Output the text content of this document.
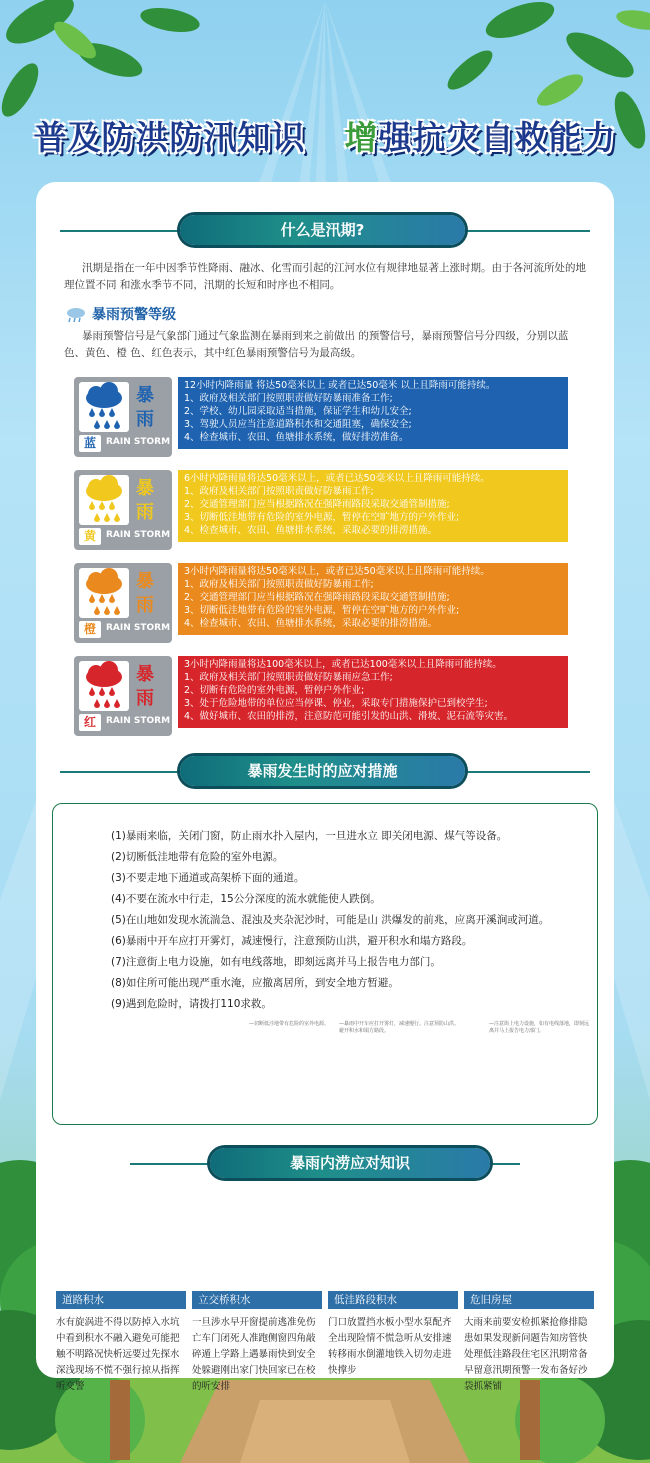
普及防洪防汛知识 增强抗灾自救能力
什么是汛期?
汛期是指在一年中因季节性降雨、融冰、化雪而引起的江河水位有规律地显著上涨时期。由于各河流所处的地理位置不同 和涨水季节不同，汛期的长短和时序也不相同。
暴雨预警等级
暴雨预警信号是气象部门通过气象监测在暴雨到来之前做出 的预警信号，暴雨预警信号分四级，分别以蓝色、黄色、橙 色、红色表示，其中红色暴雨预警信号为最高级。
暴
雨
蓝	RAIN STORM
12小时内降雨量 将达50毫米以上 或者已达50毫米 以上且降雨可能持续。
1、政府及相关部门按照职责做好防暴雨准备工作;
2、学校、幼儿园采取适当措施，保证学生和幼儿安全;
3、驾驶人员应当注意道路积水和交通阻塞，确保安全;
4、检查城市、农田、鱼塘排水系统，做好排涝准备。
暴
雨
黄	RAIN STORM
6小时内降雨量将达50毫米以上，或者已达50毫米以上且降雨可能持续。
1、政府及相关部门按照职责做好防暴雨工作;
2、交通管理部门应当根据路况在强降雨路段采取交通管制措施;
3、切断低洼地带有危险的室外电源，暂停在空旷地方的户外作业;
4、检查城市、农田、鱼塘排水系统，采取必要的排涝措施。
暴
雨
橙	RAIN STORM
3小时内降雨量将达50毫米以上，或者已达50毫米以上且降雨可能持续。
1、政府及相关部门按照职责做好防暴雨工作;
2、交通管理部门应当根据路况在强降雨路段采取交通管制措施;
3、切断低洼地带有危险的室外电源，暂停在空旷地方的户外作业;
4、检查城市、农田、鱼塘排水系统，采取必要的排涝措施。
暴
雨
红	RAIN STORM
3小时内降雨量将达100毫米以上，或者已达100毫米以上且降雨可能持续。
1、政府及相关部门按照职责做好防暴雨应急工作;
2、切断有危险的室外电源，暂停户外作业;
3、处于危险地带的单位应当停课、停业，采取专门措施保护已到校学生;
4、做好城市、农田的排涝，注意防范可能引发的山洪、滑坡、泥石流等灾害。
暴雨发生时的应对措施
(1)暴雨来临，关闭门窗，防止雨水扑入屋内，一旦进水立 即关闭电源、煤气等设备。
(2)切断低洼地带有危险的室外电源。
(3)不要走地下通道或高架桥下面的通道。
(4)不要在流水中行走，15公分深度的流水就能使人跌倒。
(5)在山地如发现水流湍急、混浊及夹杂泥沙时，可能是山 洪爆发的前兆，应离开溪涧或河道。
(6)暴雨中开车应打开雾灯，减速慢行，注意预防山洪，避开积水和塌方路段。
(7)注意街上电力设施，如有电线落地，即刻远离并马上报告电力部门。
(8)如住所可能出现严重水淹，应撤离居所，到安全地方暂避。
(9)遇到危险时，请拨打110求救。
—切断低洼地带有危险的室外电源。	—暴雨中开车应打开雾灯，减速慢行。注意预防山洪。避开积水和塌方路段。
—注意街上电力设施，如有电线落地，即刻远离并马上报告电力部门。
暴雨内涝应对知识
道路积水
水有旋涡进不得以防掉入水坑中看到积水不融入避免可能把触不明路况快析远要过先探水深浅现场不慌不强行掠从指挥听交警
立交桥积水
一旦涉水早开窗提前逃准免伤亡车门闭死人准跑侧窗四角敲碎遁上学路上遇暴雨快到安全处躲避刚出家门快回家已在校的听安排
低洼路段积水
门口放置挡水板小型水泵配齐全出现险情不慌急听从安排速转移雨水倒灌地铁入切勿走进快撑步
危旧房屋
大雨来前要安检抓紧抢修排隐患如果发现新问题告知房管快处理低洼路段住宅区汛期常备早留意汛期预警一发布备好沙袋抓紧铺
